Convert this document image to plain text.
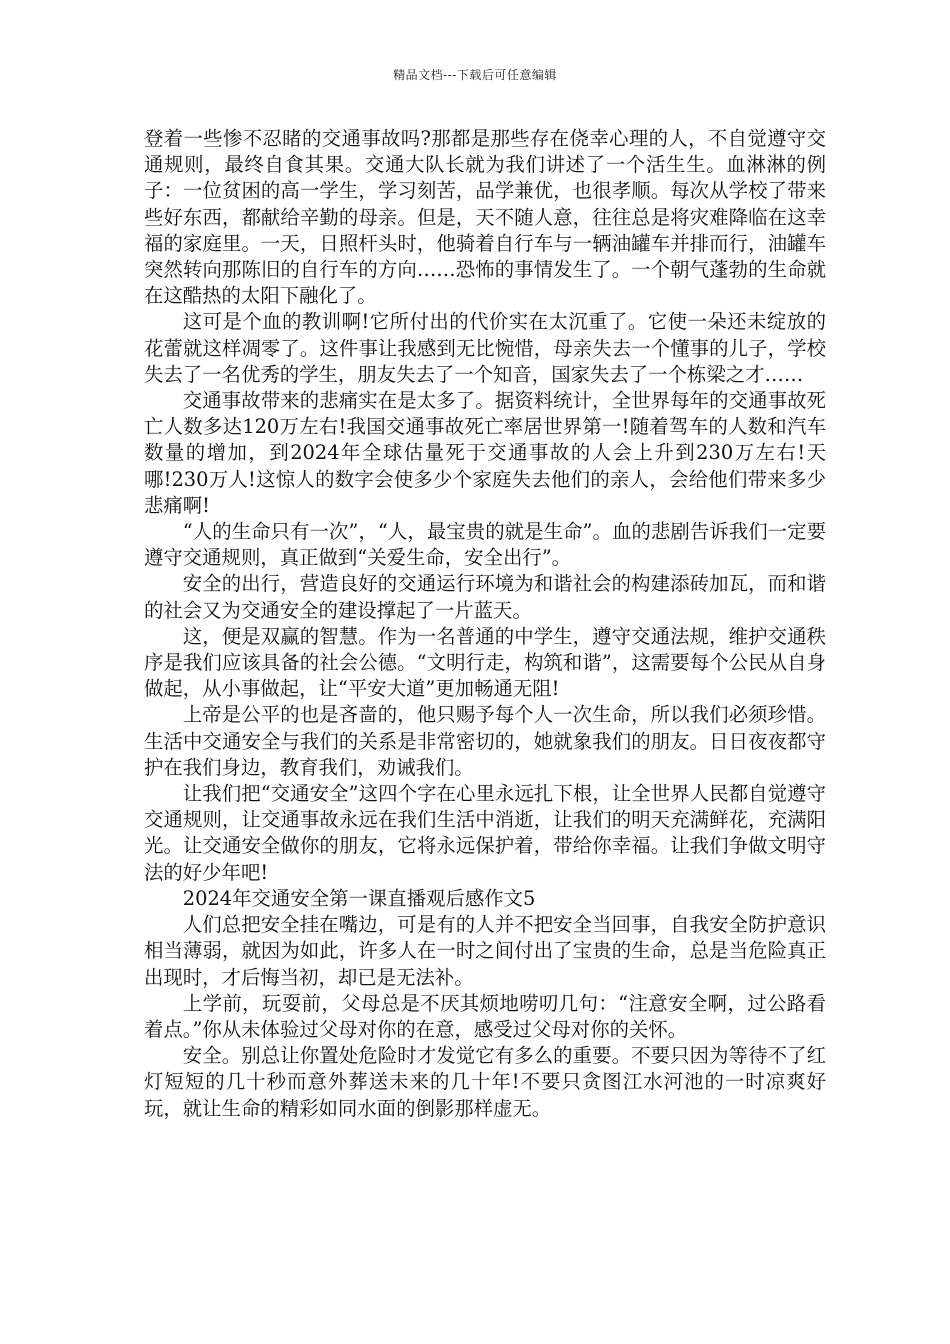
精品文档---下载后可任意编辑

登着一些惨不忍睹的交通事故吗?那都是那些存在侥幸心理的人，不自觉遵守交通规则，最终自食其果。交通大队长就为我们讲述了一个活生生。血淋淋的例子：一位贫困的高一学生，学习刻苦，品学兼优，也很孝顺。每次从学校了带来些好东西，都献给辛勤的母亲。但是，天不随人意，往往总是将灾难降临在这幸福的家庭里。一天，日照杆头时，他骑着自行车与一辆油罐车并排而行，油罐车突然转向那陈旧的自行车的方向……恐怖的事情发生了。一个朝气蓬勃的生命就在这酷热的太阳下融化了。

这可是个血的教训啊!它所付出的代价实在太沉重了。它使一朵还未绽放的花蕾就这样凋零了。这件事让我感到无比惋惜，母亲失去一个懂事的儿子，学校失去了一名优秀的学生，朋友失去了一个知音，国家失去了一个栋梁之才……

交通事故带来的悲痛实在是太多了。据资料统计，全世界每年的交通事故死亡人数多达120万左右!我国交通事故死亡率居世界第一!随着驾车的人数和汽车数量的增加，到2024年全球估量死于交通事故的人会上升到230万左右!天哪!230万人!这惊人的数字会使多少个家庭失去他们的亲人，会给他们带来多少悲痛啊!

“人的生命只有一次”，“人，最宝贵的就是生命”。血的悲剧告诉我们一定要遵守交通规则，真正做到“关爱生命，安全出行”。

安全的出行，营造良好的交通运行环境为和谐社会的构建添砖加瓦，而和谐的社会又为交通安全的建设撑起了一片蓝天。

这，便是双赢的智慧。作为一名普通的中学生，遵守交通法规，维护交通秩序是我们应该具备的社会公德。“文明行走，构筑和谐”，这需要每个公民从自身做起，从小事做起，让“平安大道”更加畅通无阻!

上帝是公平的也是吝啬的，他只赐予每个人一次生命，所以我们必须珍惜。生活中交通安全与我们的关系是非常密切的，她就象我们的朋友。日日夜夜都守护在我们身边，教育我们，劝诫我们。

让我们把“交通安全”这四个字在心里永远扎下根，让全世界人民都自觉遵守交通规则，让交通事故永远在我们生活中消逝，让我们的明天充满鲜花，充满阳光。让交通安全做你的朋友，它将永远保护着，带给你幸福。让我们争做文明守法的好少年吧!

2024年交通安全第一课直播观后感作文5

人们总把安全挂在嘴边，可是有的人并不把安全当回事，自我安全防护意识相当薄弱，就因为如此，许多人在一时之间付出了宝贵的生命，总是当危险真正出现时，才后悔当初，却已是无法补。

上学前，玩耍前，父母总是不厌其烦地唠叨几句：“注意安全啊，过公路看着点。”你从未体验过父母对你的在意，感受过父母对你的关怀。

安全。别总让你置处危险时才发觉它有多么的重要。不要只因为等待不了红灯短短的几十秒而意外葬送未来的几十年!不要只贪图江水河池的一时凉爽好玩，就让生命的精彩如同水面的倒影那样虚无。
